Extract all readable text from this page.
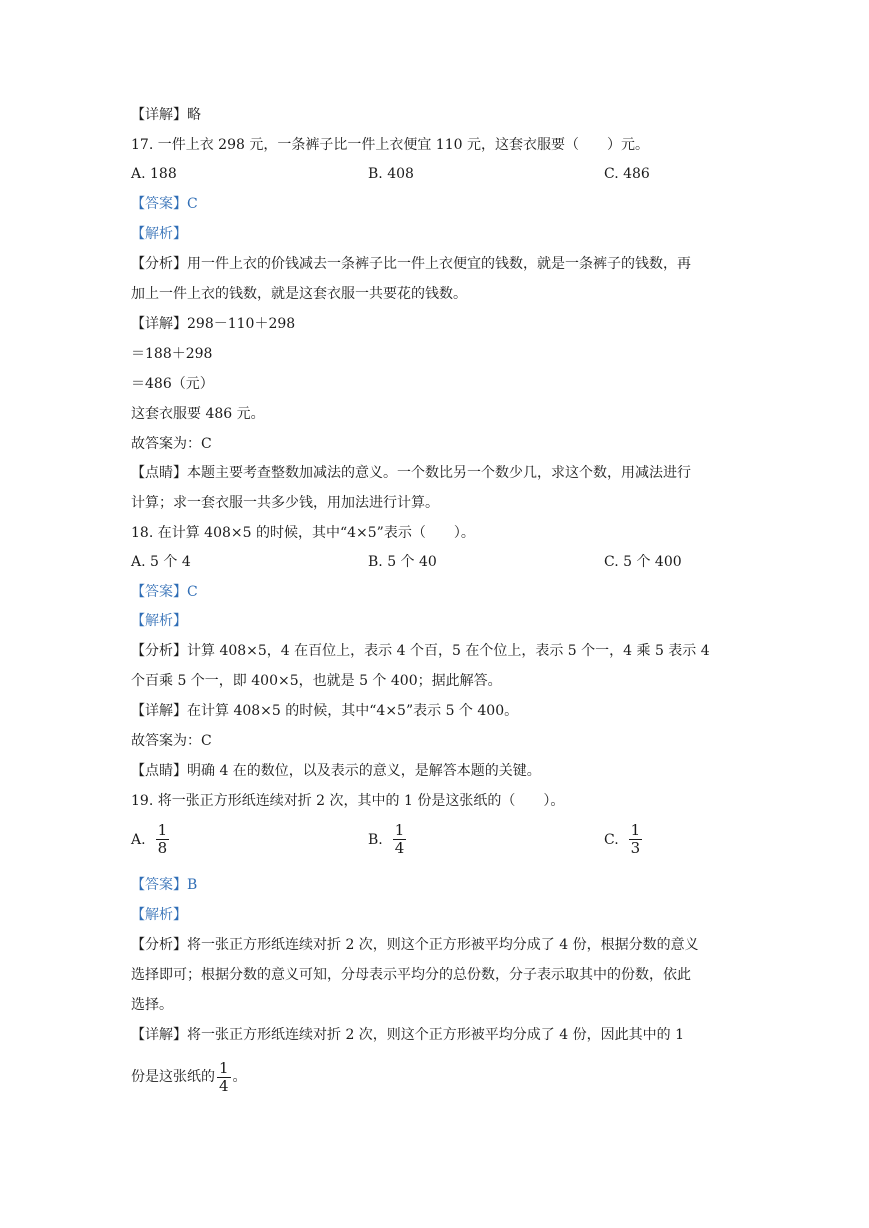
【详解】略
17. 一件上衣 298 元，一条裤子比一件上衣便宜 110 元，这套衣服要（　　）元。
A. 188	B. 408	C. 486
【答案】C
【解析】
【分析】用一件上衣的价钱减去一条裤子比一件上衣便宜的钱数，就是一条裤子的钱数，再
加上一件上衣的钱数，就是这套衣服一共要花的钱数。
【详解】298－110＋298
＝188＋298
＝486（元）
这套衣服要 486 元。
故答案为：C
【点睛】本题主要考查整数加减法的意义。一个数比另一个数少几，求这个数，用减法进行
计算；求一套衣服一共多少钱，用加法进行计算。
18. 在计算 408×5 的时候，其中“4×5”表示（　　）。
A. 5 个 4	B. 5 个 40	C. 5 个 400
【答案】C
【解析】
【分析】计算 408×5，4 在百位上，表示 4 个百，5 在个位上，表示 5 个一，4 乘 5 表示 4
个百乘 5 个一，即 400×5，也就是 5 个 400；据此解答。
【详解】在计算 408×5 的时候，其中“4×5”表示 5 个 400。
故答案为：C
【点睛】明确 4 在的数位，以及表示的意义，是解答本题的关键。
19. 将一张正方形纸连续对折 2 次，其中的 1 份是这张纸的（　　）。
A. $\frac{1}{8}$	B. $\frac{1}{4}$	C. $\frac{1}{3}$
【答案】B
【解析】
【分析】将一张正方形纸连续对折 2 次，则这个正方形被平均分成了 4 份，根据分数的意义
选择即可；根据分数的意义可知，分母表示平均分的总份数，分子表示取其中的份数，依此
选择。
【详解】将一张正方形纸连续对折 2 次，则这个正方形被平均分成了 4 份，因此其中的 1
份是这张纸的 $\frac{1}{4}$ 。
